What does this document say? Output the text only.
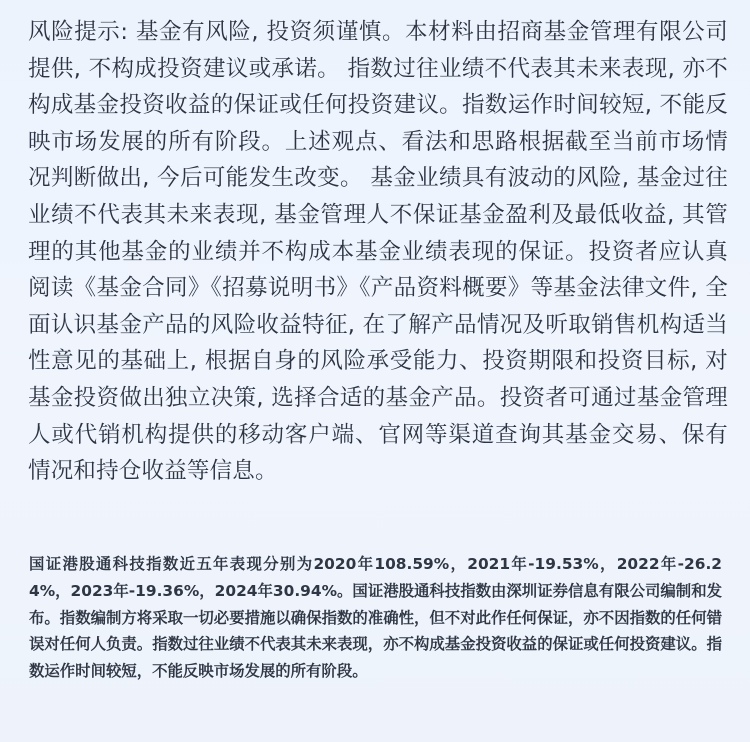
风险提示: 基金有风险, 投资须谨慎。本材料由招商基金管理有限公司提供, 不构成投资建议或承诺。 指数过往业绩不代表其未来表现, 亦不构成基金投资收益的保证或任何投资建议。指数运作时间较短, 不能反映市场发展的所有阶段。上述观点、看法和思路根据截至当前市场情况判断做出, 今后可能发生改变。 基金业绩具有波动的风险, 基金过往业绩不代表其未来表现, 基金管理人不保证基金盈利及最低收益, 其管理的其他基金的业绩并不构成本基金业绩表现的保证。投资者应认真阅读《基金合同》《招募说明书》《产品资料概要》等基金法律文件, 全面认识基金产品的风险收益特征, 在了解产品情况及听取销售机构适当性意见的基础上, 根据自身的风险承受能力、投资期限和投资目标, 对基金投资做出独立决策, 选择合适的基金产品。投资者可通过基金管理人或代销机构提供的移动客户端、官网等渠道查询其基金交易、保有情况和持仓收益等信息。
国证港股通科技指数近五年表现分别为2020年108.59%，2021年-19.53%，2022年-26.24%，2023年-19.36%，2024年30.94%。国证港股通科技指数由深圳证券信息有限公司编制和发布。指数编制方将采取一切必要措施以确保指数的准确性，但不对此作任何保证，亦不因指数的任何错误对任何人负责。指数过往业绩不代表其未来表现，亦不构成基金投资收益的保证或任何投资建议。指数运作时间较短，不能反映市场发展的所有阶段。
